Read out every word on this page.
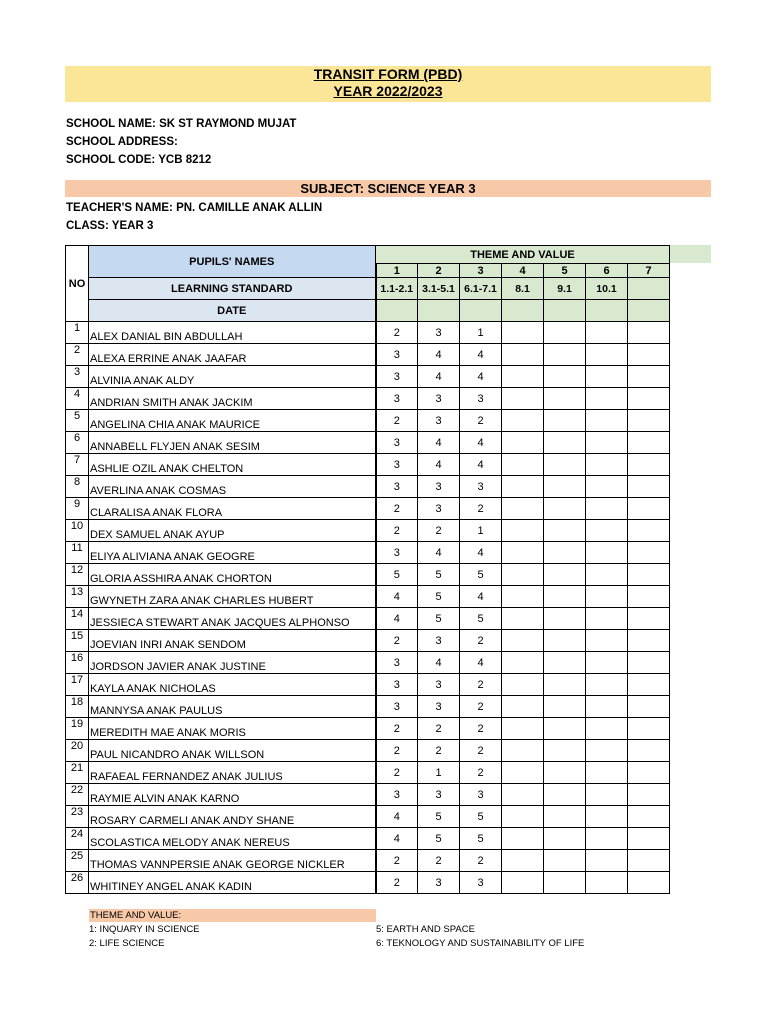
TRANSIT FORM (PBD)
YEAR 2022/2023
SCHOOL NAME: SK ST RAYMOND MUJAT
SCHOOL ADDRESS:
SCHOOL CODE: YCB 8212
SUBJECT: SCIENCE YEAR 3
TEACHER'S NAME: PN. CAMILLE ANAK ALLIN
CLASS: YEAR 3
NO	PUPILS' NAMES	THEME AND VALUE						
		1	2	3	4	5	6	7
	LEARNING STANDARD	1.1-2.1	3.1-5.1	6.1-7.1	8.1	9.1	10.1	
	DATE							
1	ALEX DANIAL BIN ABDULLAH	2	3	1				
2	ALEXA ERRINE ANAK JAAFAR	3	4	4				
3	ALVINIA ANAK ALDY	3	4	4				
4	ANDRIAN SMITH ANAK JACKIM	3	3	3				
5	ANGELINA CHIA ANAK MAURICE	2	3	2				
6	ANNABELL FLYJEN ANAK SESIM	3	4	4				
7	ASHLIE OZIL ANAK CHELTON	3	4	4				
8	AVERLINA ANAK COSMAS	3	3	3				
9	CLARALISA ANAK FLORA	2	3	2				
10	DEX SAMUEL ANAK AYUP	2	2	1				
11	ELIYA ALIVIANA ANAK GEOGRE	3	4	4				
12	GLORIA ASSHIRA ANAK CHORTON	5	5	5				
13	GWYNETH ZARA ANAK CHARLES HUBERT	4	5	4				
14	JESSIECA STEWART ANAK JACQUES ALPHONSO	4	5	5				
15	JOEVIAN INRI ANAK SENDOM	2	3	2				
16	JORDSON JAVIER ANAK JUSTINE	3	4	4				
17	KAYLA ANAK NICHOLAS	3	3	2				
18	MANNYSA ANAK PAULUS	3	3	2				
19	MEREDITH MAE ANAK MORIS	2	2	2				
20	PAUL NICANDRO ANAK WILLSON	2	2	2				
21	RAFAEAL FERNANDEZ ANAK JULIUS	2	1	2				
22	RAYMIE ALVIN ANAK KARNO	3	3	3				
23	ROSARY CARMELI ANAK ANDY SHANE	4	5	5				
24	SCOLASTICA MELODY ANAK NEREUS	4	5	5				
25	THOMAS VANNPERSIE ANAK GEORGE NICKLER	2	2	2				
26	WHITINEY ANGEL ANAK KADIN	2	3	3				
THEME AND VALUE:
1: INQUARY IN SCIENCE
2: LIFE SCIENCE
5: EARTH AND SPACE
6: TEKNOLOGY AND SUSTAINABILITY OF LIFE
